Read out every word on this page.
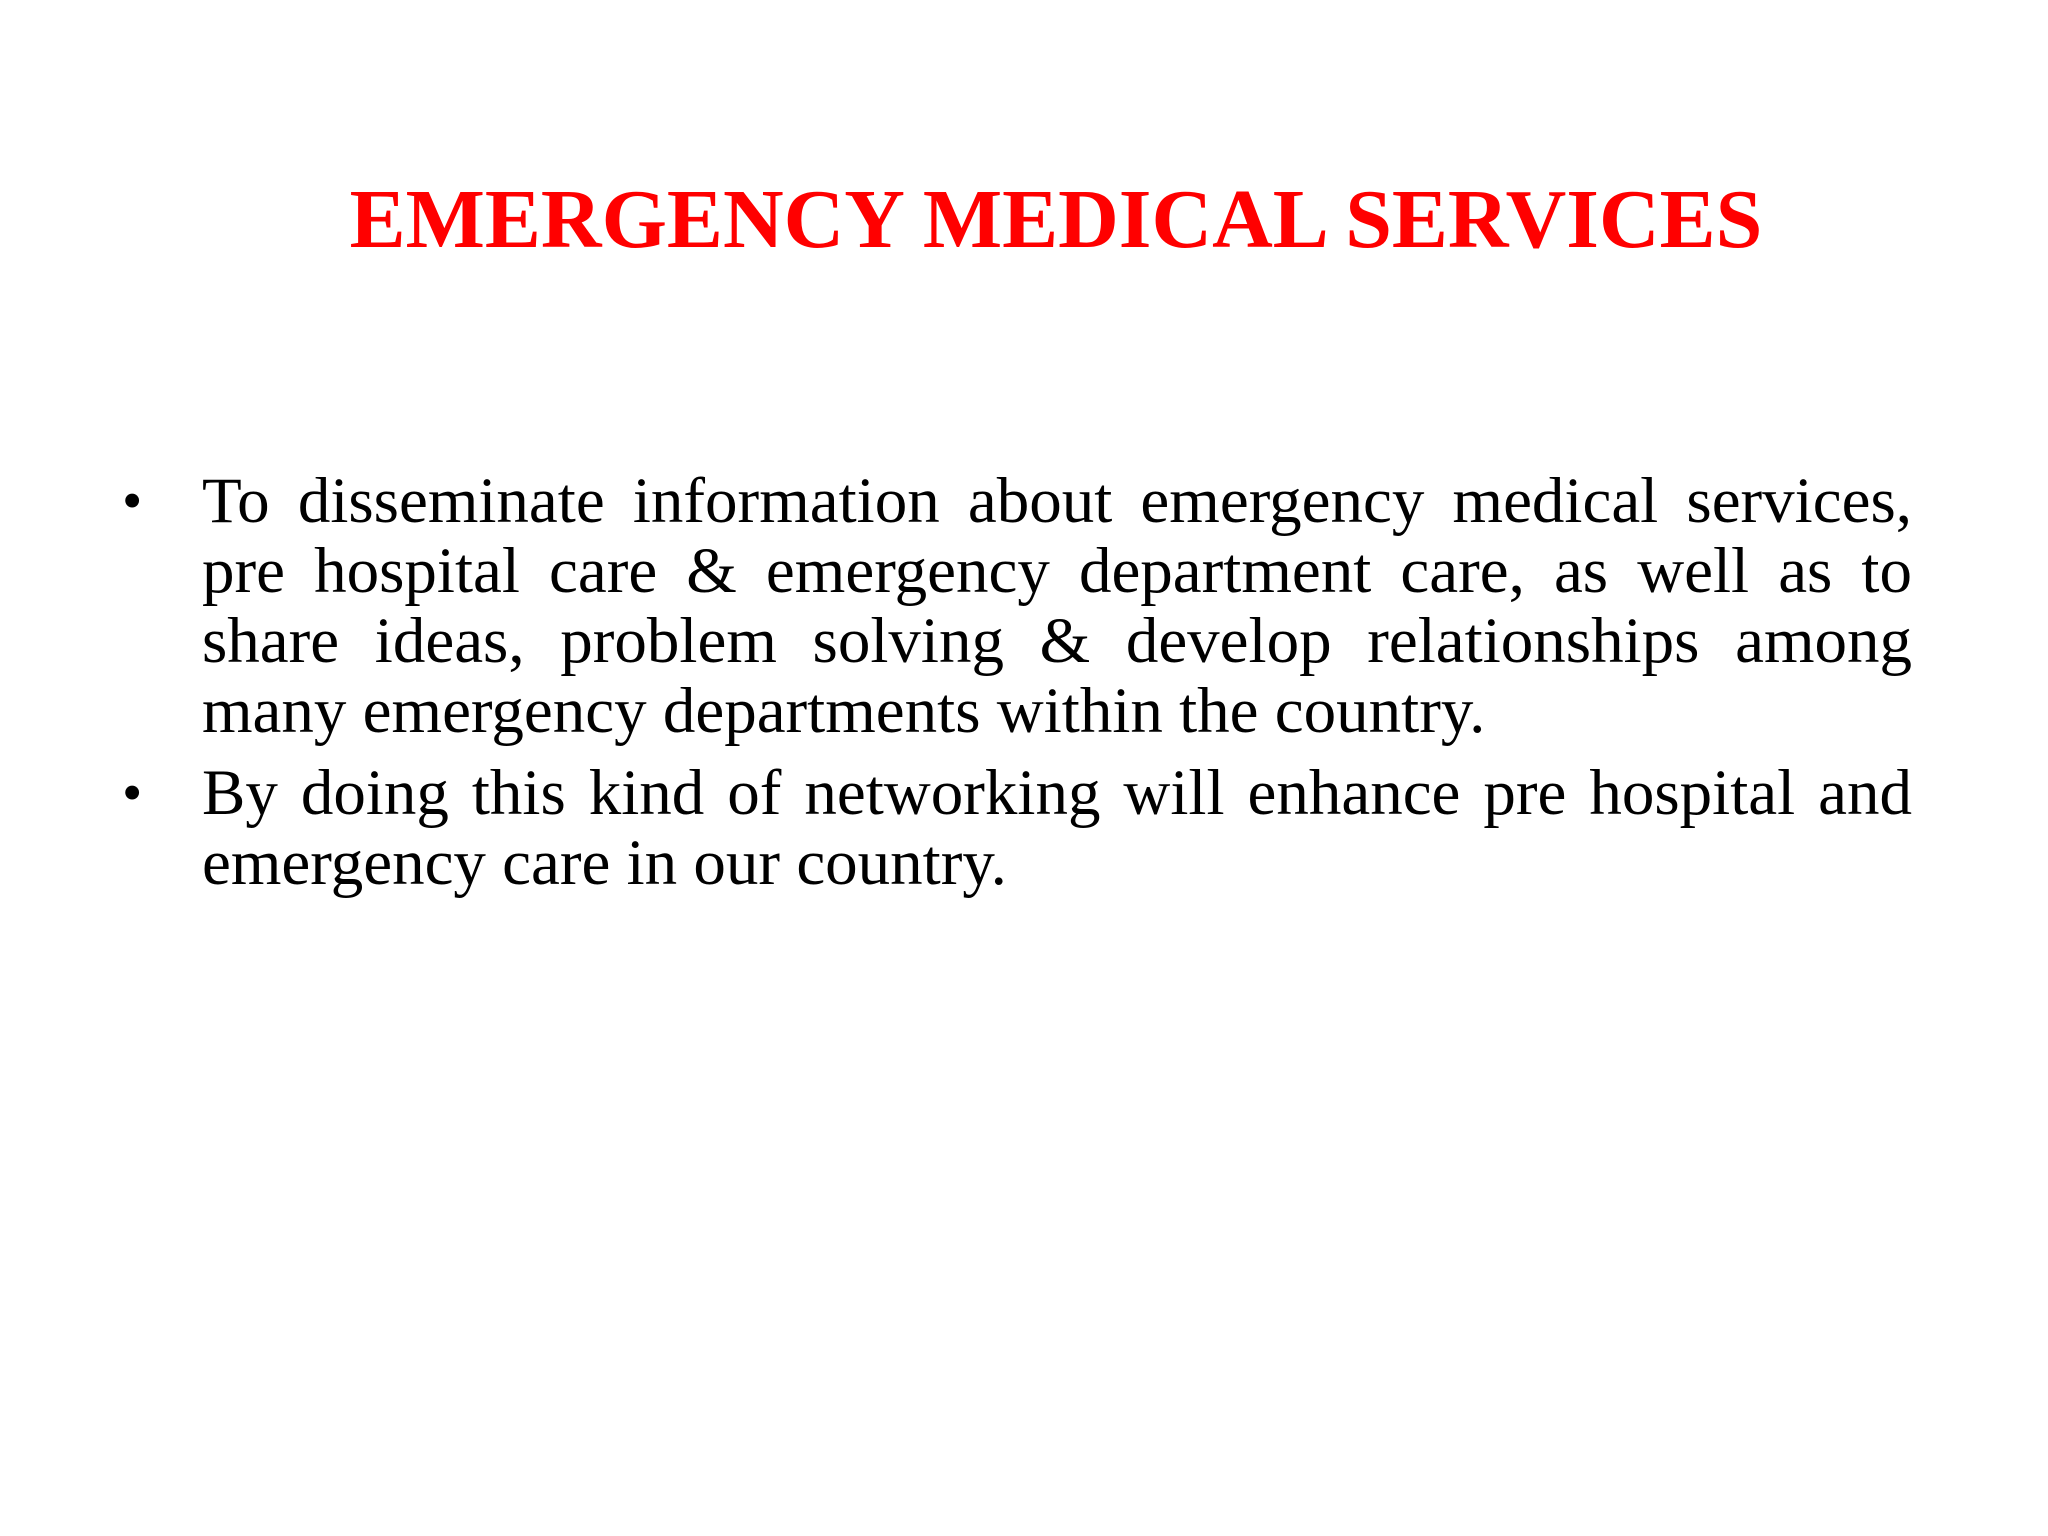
EMERGENCY MEDICAL SERVICES
• To disseminate information about emergency medical services, pre hospital care & emergency department care, as well as to share ideas, problem solving & develop relationships among many emergency departments within the country.
• By doing this kind of networking will enhance pre hospital and emergency care in our country.
